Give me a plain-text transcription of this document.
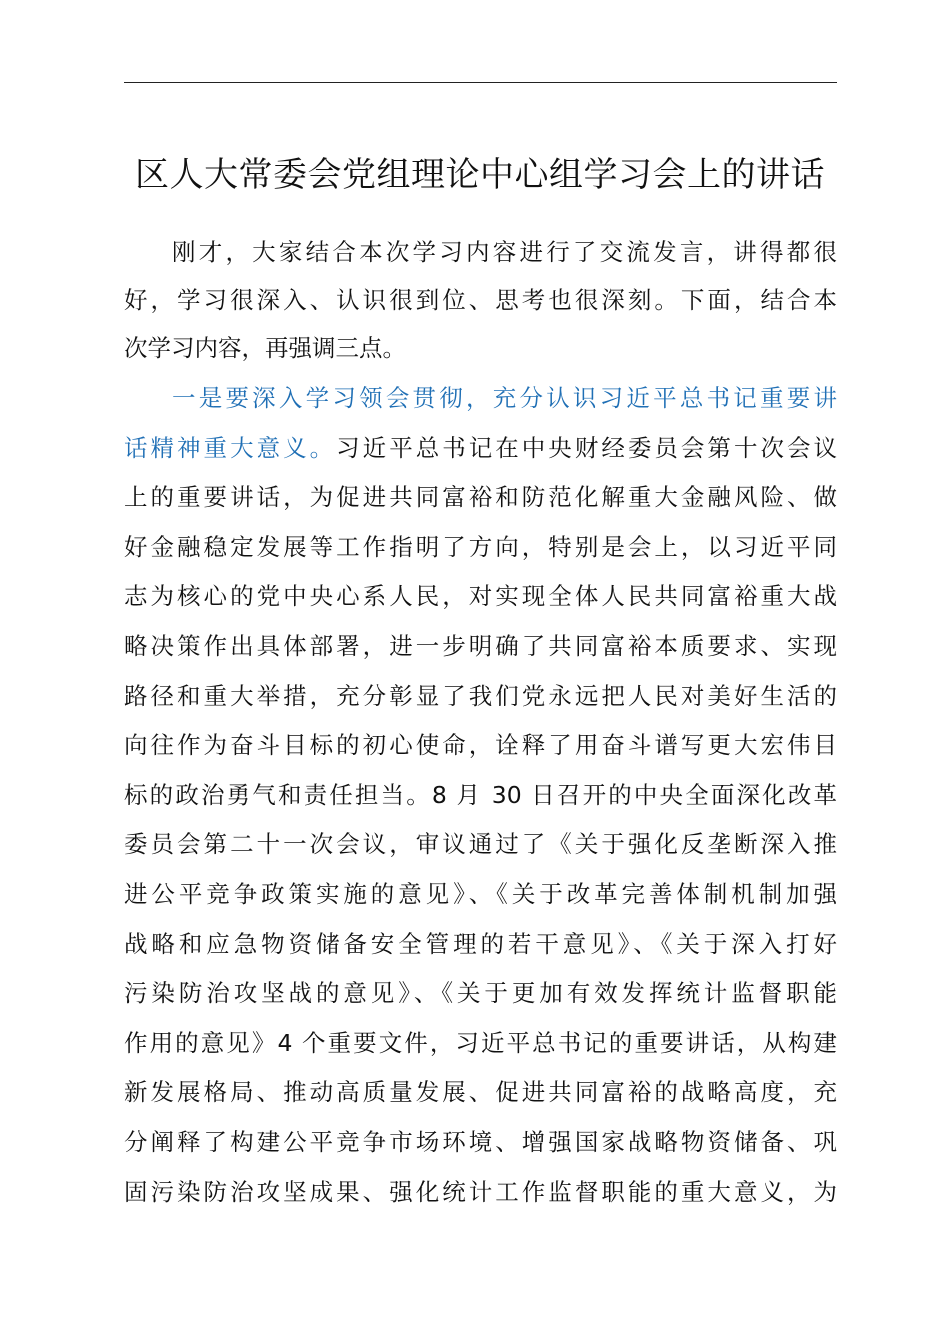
区人大常委会党组理论中心组学习会上的讲话
刚才，大家结合本次学习内容进行了交流发言，讲得都很
好，学习很深入、认识很到位、思考也很深刻。下面，结合本
次学习内容，再强调三点。
一是要深入学习领会贯彻，充分认识习近平总书记重要讲
话精神重大意义。习近平总书记在中央财经委员会第十次会议
上的重要讲话，为促进共同富裕和防范化解重大金融风险、做
好金融稳定发展等工作指明了方向，特别是会上，以习近平同
志为核心的党中央心系人民，对实现全体人民共同富裕重大战
略决策作出具体部署，进一步明确了共同富裕本质要求、实现
路径和重大举措，充分彰显了我们党永远把人民对美好生活的
向往作为奋斗目标的初心使命，诠释了用奋斗谱写更大宏伟目
标的政治勇气和责任担当。8 月 30 日召开的中央全面深化改革
委员会第二十一次会议，审议通过了《关于强化反垄断深入推
进公平竞争政策实施的意见》、《关于改革完善体制机制加强
战略和应急物资储备安全管理的若干意见》、《关于深入打好
污染防治攻坚战的意见》、《关于更加有效发挥统计监督职能
作用的意见》4 个重要文件，习近平总书记的重要讲话，从构建
新发展格局、推动高质量发展、促进共同富裕的战略高度，充
分阐释了构建公平竞争市场环境、增强国家战略物资储备、巩
固污染防治攻坚成果、强化统计工作监督职能的重大意义，为
